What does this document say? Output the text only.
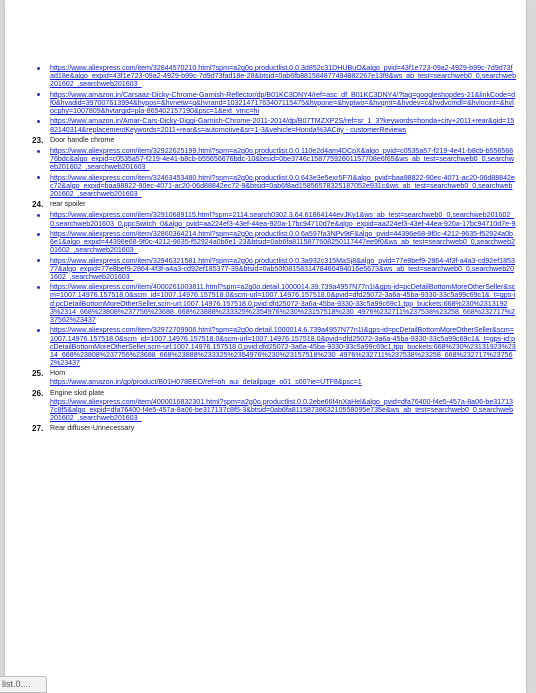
https://www.aliexpress.com/item/32844570210.html?spm=a2g0o.productlist.0.0.3d852c31DHUBuO&algo_pvid=43f1e723-09a2-4929-b99c-7d9d73fad18e&algo_expid=43f1e723-09a2-4929-b99c-7d9d73fad18e-28&btsid=0ab6fb881584877494882267e13f8&ws_ab_test=searchweb0_0,searchweb201602_,searchweb201603_
https://www.amazon.in/Carsaaz-Dicky-Chrome-Garnish-Reflector/dp/B01KC3DNY4/ref=asc_df_B01KC3DNY4/?tag=googleshopdes-21&linkCode=df0&hvadid=397007613994&hvpos=&hvnetw=g&hvrand=10321471763407115475&hvpone=&hvptwo=&hvqmt=&hvdev=c&hvdvcmdl=&hvlocint=&hvlocphy=1007809&hvtargid=pla-865402157190&psc=1&ext_vrnc=hi
https://www.amazon.in/Amar-Cars-Dicky-Diggi-Garnish-Chrome-2011-2014/dp/B07TMZXP2S/ref=sr_1_3?keywords=honda+city+2011+rear&qid=1582140314&replacementKeywords=2011+rear&s=automotive&sr=1-3&vehicle=Honda%3ACity - customerReviews
23. Door handle chrome
https://www.aliexpress.com/item/32922625199.html?spm=a2g0o.productlist.0.0.110e2d4am4DCpX&algo_pvid=c0535a57-f219-4e41-b8cb-b55656676bdc&algo_expid=c0535a57-f219-4e41-b8cb-b55656676bdc-10&btsid=0be3746c15877592601157708e6f65&ws_ab_test=searchweb0_0,searchweb201602_,searchweb201603_
https://www.aliexpress.com/item/32463453480.html?spm=a2g0o.productlist.0.0.643e3e5exr5F7I&algo_pvid=baa98822-90ec-4071-ac20-06d88842ec72&algo_expid=baa98822-90ec-4071-ac20-06d88842ec72-9&btsid=0ab6f8ad15856578325187052e931c&ws_ab_test=searchweb0_0,searchweb201602_,searchweb201603_
24. rear spoiler
https://www.aliexpress.com/item/32910689115.html?spm=2114.search0302.3.64.61864144evJKy1&ws_ab_test=searchweb0_0,searchweb201602_0,searchweb201603_0,ppcSwitch_0&algo_pvid=aa224ef3-43ef-44ea-920a-17bc94710d7e&algo_expid=aa224ef3-43ef-44ea-920a-17bc94710d7e-9
https://www.aliexpress.com/item/32860364214.html?spm=a2g0o.productlist.0.0.6a597fa3NPv9tF&algo_pvid=44396e68-9f0c-4212-9635-f52924a0b6e1&algo_expid=44396e68-9f0c-4212-9635-f52924a0b6e1-23&btsid=0ab6fa8115877608250117447ee9f0&ws_ab_test=searchweb0_0,searchweb201602_,searchweb201603_
https://www.aliexpress.com/item/32946321581.html?spm=a2g0o.productlist.0.0.3a932c315MaSj8&algo_pvid=77e8bef9-2864-4f3f-a4a3-cd92ef185377&algo_expid=77e8bef9-2864-4f3f-a4a3-cd92ef185377-39&btsid=0ab50f0815831478460494016e5673&ws_ab_test=searchweb0_0,searchweb201602_,searchweb201603_
https://www.aliexpress.com/item/4000261003811.html?spm=a2g0o.detail.1000014.39.739a4957N77n1I&gps-id=pcDetailBottomMoreOtherSeller&scm=1007.14976.157518.0&scm_id=1007.14976.157518.0&scm-url=1007.14976.157518.0&pvid=dfd25072-3a6a-45ba-9330-33c5a99c69c1&_t=gps-id:pcDetailBottomMoreOtherSeller,scm-url:1007.14976.157518.0,pvid:dfd25072-3a6a-45ba-9330-33c5a99c69c1,tpp_buckets:668%230%23131923%2314_668%23808%237756%23688_668%23888%233325%2354976%230%23157518%230_4976%232711%237538%23258_668%232717%237562%23437
https://www.aliexpress.com/item/32972709906.html?spm=a2g0o.detail.1000014.6.739a4957N77n1I&gps-id=pcDetailBottomMoreOtherSeller&scm=1007.14976.157518.0&scm_id=1007.14976.157518.0&scm-url=1007.14976.157518.0&pvid=dfd25072-3a6a-45ba-9330-33c5a99c69c1&_t=gps-id:pcDetailBottomMoreOtherSeller,scm-url:1007.14976.157518.0,pvid:dfd25072-3a6a-45ba-9330-33c5a99c69c1,tpp_buckets:668%230%23131923%2314_668%23808%237756%23688_668%23888%233325%2354976%230%23157518%230_4976%232711%237538%23258_668%232717%237562%23437
25. Horn
https://www.amazon.in/gp/product/B01H078EEO/ref=oh_aui_detailpage_o01_s00?ie=UTF8&psc=1
26. Engine skid plate
https://www.aliexpress.com/item/4000016832301.html?spm=a2g0o.productlist.0.0.2ebe66f4nXaHel&algo_pvid=dfa76400-f4e5-457a-8a06-be317137c8f5&algo_expid=dfa76400-f4e5-457a-8a06-be317137c8f5-3&btsid=0ab6fa8115873863210558095e735e&ws_ab_test=searchweb0_0,searchweb201602_,searchweb201603_
27. Rear diffuser-Unnecessary
list.0....
